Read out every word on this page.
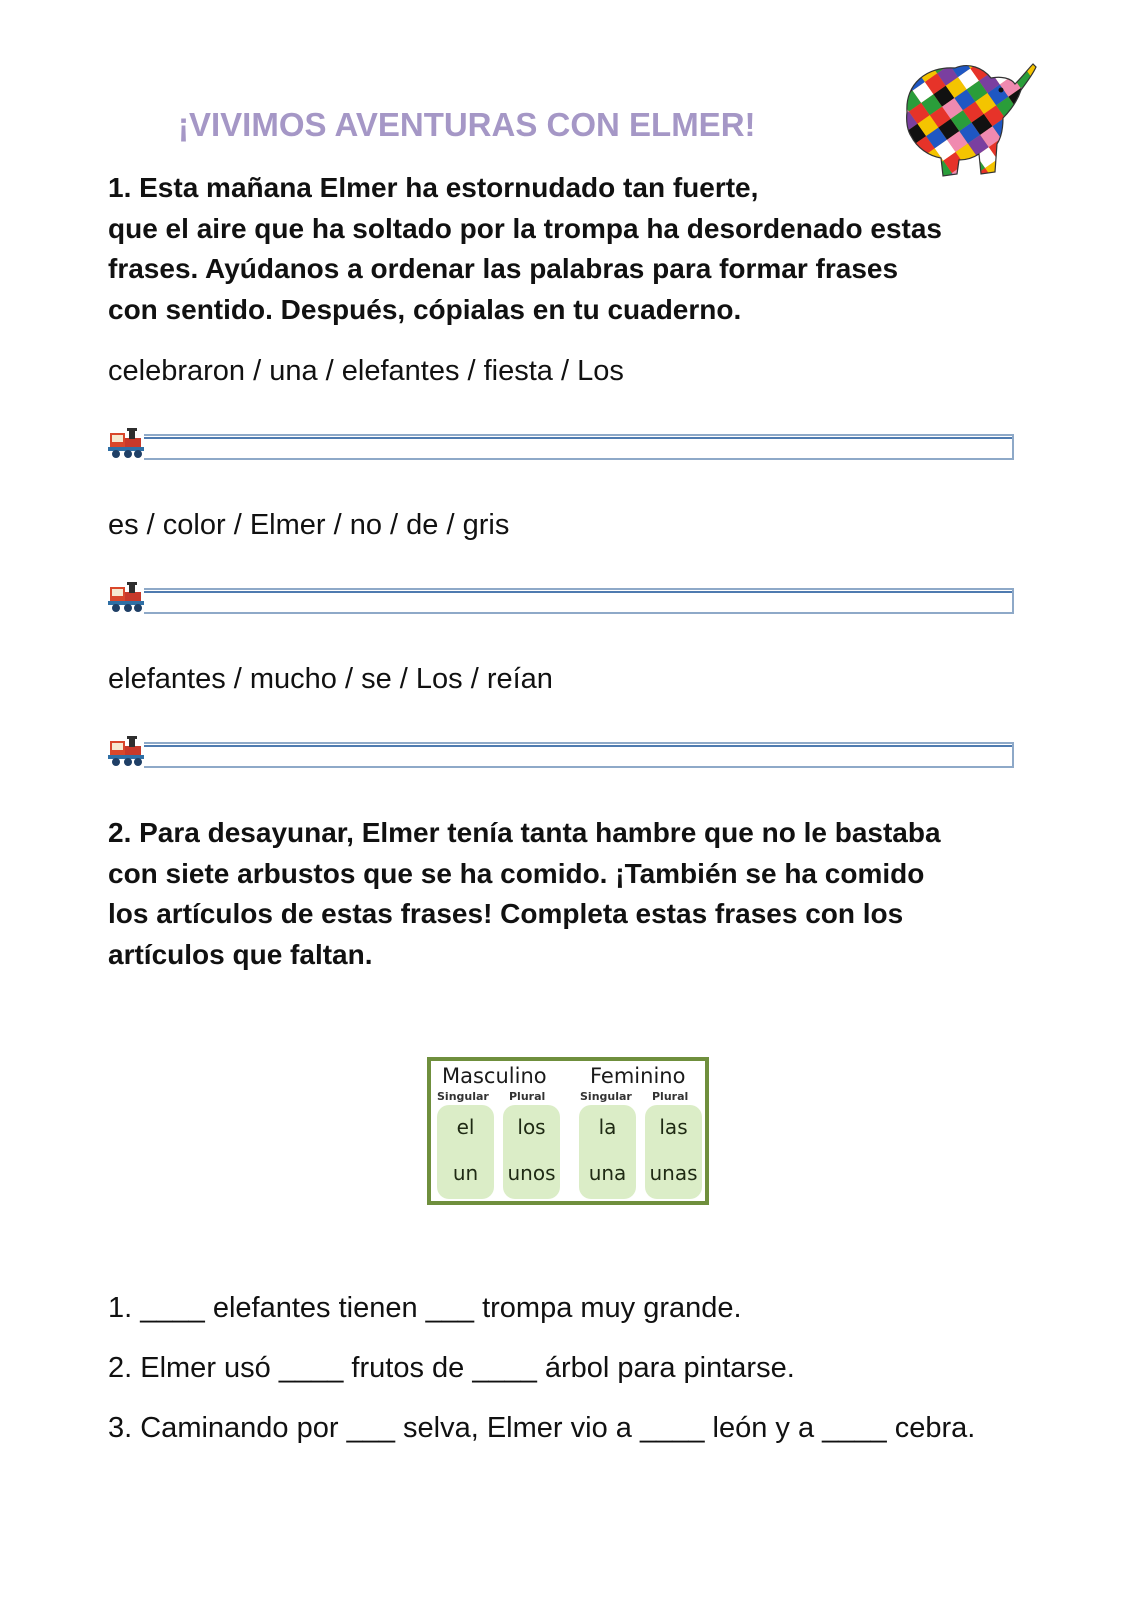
¡VIVIMOS AVENTURAS CON ELMER!
1. Esta mañana Elmer ha estornudado tan fuerte,
que el aire que ha soltado por la trompa ha desordenado estas
frases. Ayúdanos a ordenar las palabras para formar frases
con sentido. Después, cópialas en tu cuaderno.
celebraron / una / elefantes / fiesta / Los
es / color / Elmer / no / de / gris
elefantes / mucho / se / Los / reían
2. Para desayunar, Elmer tenía tanta hambre que no le bastaba
con siete arbustos que se ha comido. ¡También se ha comido
los artículos de estas frases! Completa estas frases con los
artículos que faltan.
Masculino Feminino
Singular Plural	Singular Plural
el
un
los
unos
la
una
las
unas
1. ____ elefantes tienen ___ trompa muy grande.
2. Elmer usó ____ frutos de ____ árbol para pintarse.
3. Caminando por ___ selva, Elmer vio a ____ león y a ____ cebra.
